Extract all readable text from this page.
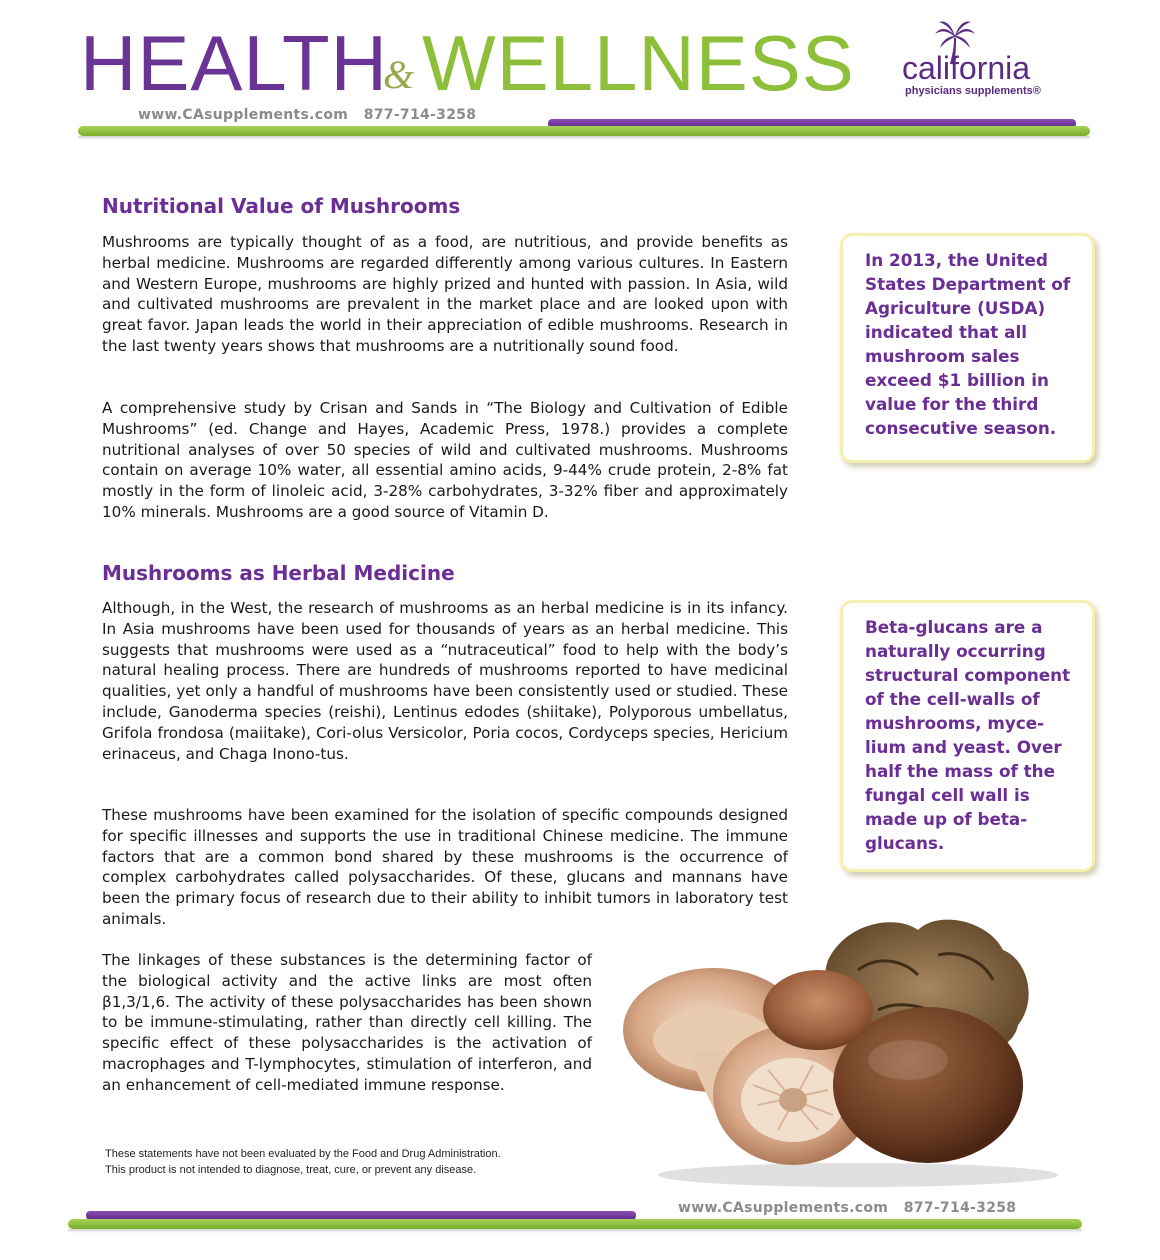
HEALTH
& WELLNESS california
physicians supplements®
www.CAsupplements.com 877-714-3258
Nutritional Value of Mushrooms

Mushrooms are typically thought of as a food, are nutritious, and provide benefits as herbal medicine. Mushrooms are regarded differently among various cultures. In Eastern and Western Europe, mushrooms are highly prized and hunted with passion. In Asia, wild and cultivated mushrooms are prevalent in the market place and are looked upon with great favor. Japan leads the world in their appreciation of edible mushrooms. Research in the last twenty years shows that mushrooms are a nutritionally sound food.

A comprehensive study by Crisan and Sands in “The Biology and Cultivation of Edible Mushrooms” (ed. Change and Hayes, Academic Press, 1978.) provides a complete nutritional analyses of over 50 species of wild and cultivated mushrooms. Mushrooms contain on average 10% water, all essential amino acids, 9-44% crude protein, 2-8% fat mostly in the form of linoleic acid, 3-28% carbohydrates, 3-32% fiber and approximately 10% minerals. Mushrooms are a good source of Vitamin D.

In 2013, the United States Department of Agriculture (USDA) indicated that all mushroom sales exceed $1 billion in value for the third consecutive season.
Mushrooms as Herbal Medicine

Although, in the West, the research of mushrooms as an herbal medicine is in its infancy. In Asia mushrooms have been used for thousands of years as an herbal medicine. This suggests that mushrooms were used as a “nutraceutical” food to help with the body’s natural healing process. There are hundreds of mushrooms reported to have medicinal qualities, yet only a handful of mushrooms have been consistently used or studied. These include, Ganoderma species (reishi), Lentinus edodes (shiitake), Polyporous umbellatus, Grifola frondosa (maiitake), Cori-olus Versicolor, Poria cocos, Cordyceps species, Hericium erinaceus, and Chaga Inono-tus.

These mushrooms have been examined for the isolation of specific compounds designed for specific illnesses and supports the use in traditional Chinese medicine. The immune factors that are a common bond shared by these mushrooms is the occurrence of complex carbohydrates called polysaccharides. Of these, glucans and mannans have been the primary focus of research due to their ability to inhibit tumors in laboratory test animals.

The linkages of these substances is the determining factor of the biological activity and the active links are most often β1,3/1,6. The activity of these polysaccharides has been shown to be immune-stimulating, rather than directly cell killing. The specific effect of these polysaccharides is the activation of macrophages and T-lymphocytes, stimulation of interferon, and an enhancement of cell-mediated immune response.

Beta-glucans are a naturally occurring structural component of the cell-walls of mushrooms, myce-lium and yeast. Over half the mass of the fungal cell wall is made up of beta-glucans.
These statements have not been evaluated by the Food and Drug Administration.
This product is not intended to diagnose, treat, cure, or prevent any disease.
www.CAsupplements.com 877-714-3258
